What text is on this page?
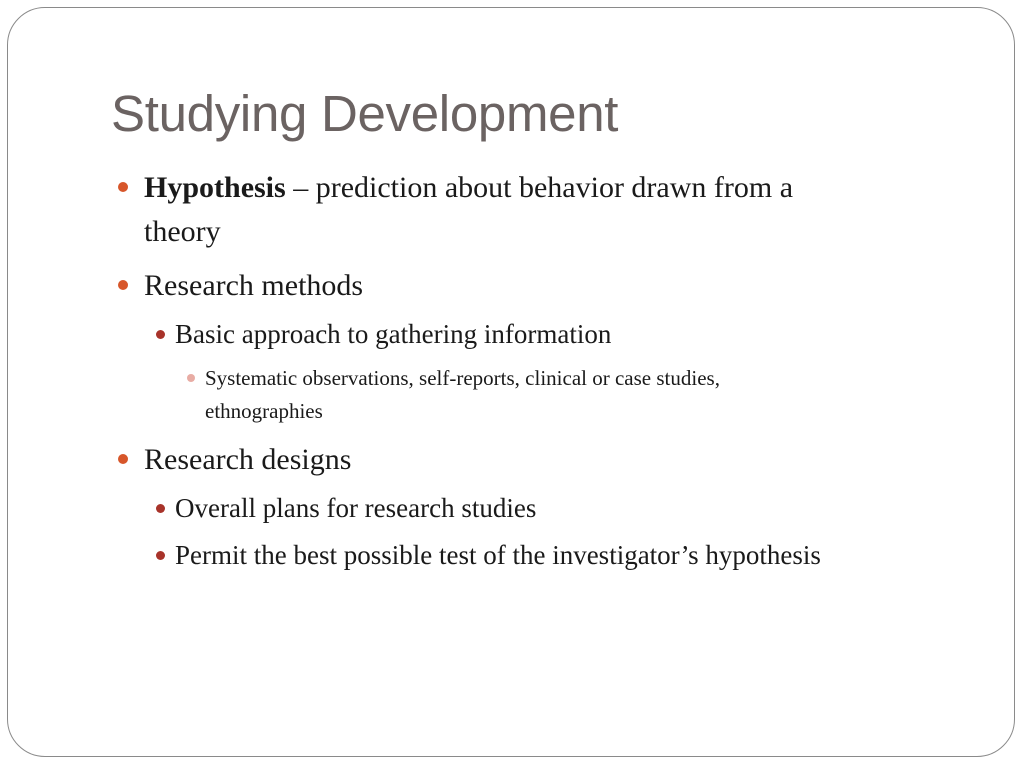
Studying Development
Hypothesis – prediction about behavior drawn from a
theory
Research methods
Basic approach to gathering information
Systematic observations, self-reports, clinical or case studies,
ethnographies
Research designs
Overall plans for research studies
Permit the best possible test of the investigator’s hypothesis
